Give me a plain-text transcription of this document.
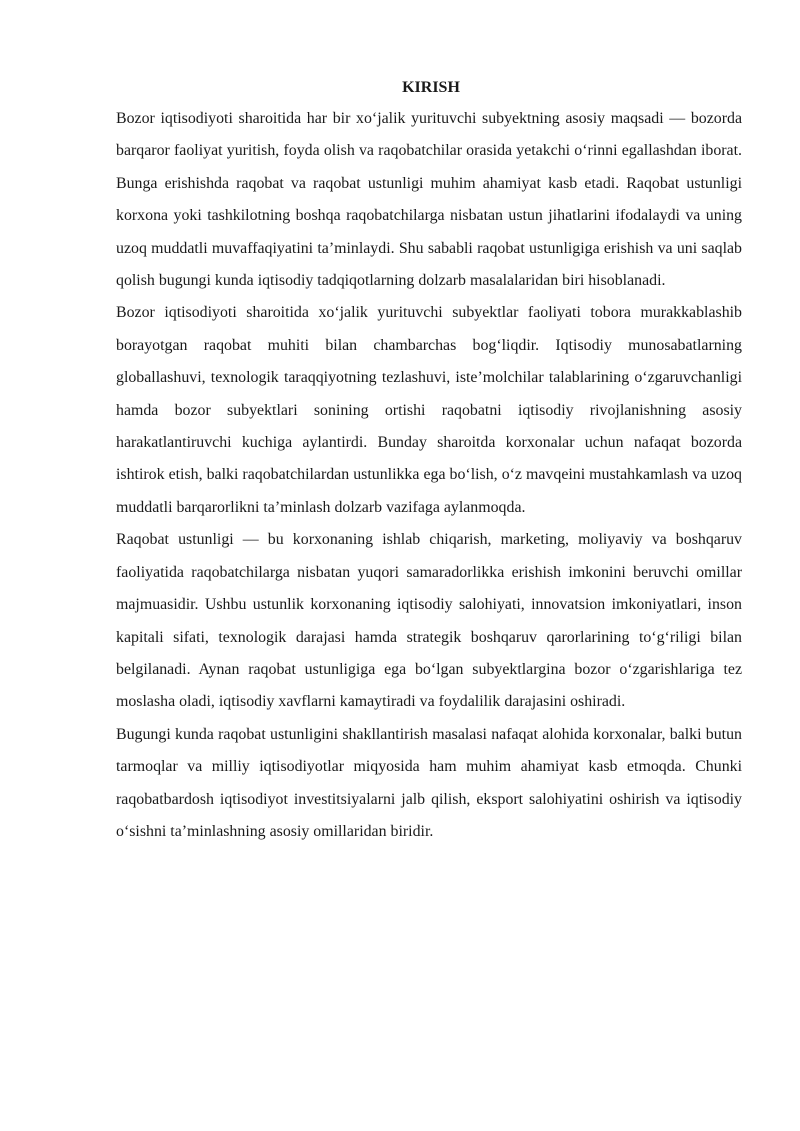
KIRISH

Bozor iqtisodiyoti sharoitida har bir xo‘jalik yurituvchi subyektning asosiy maqsadi — bozorda barqaror faoliyat yuritish, foyda olish va raqobatchilar orasida yetakchi o‘rinni egallashdan iborat. Bunga erishishda raqobat va raqobat ustunligi muhim ahamiyat kasb etadi. Raqobat ustunligi korxona yoki tashkilotning boshqa raqobatchilarga nisbatan ustun jihatlarini ifodalaydi va uning uzoq muddatli muvaffaqiyatini ta’minlaydi. Shu sababli raqobat ustunligiga erishish va uni saqlab qolish bugungi kunda iqtisodiy tadqiqotlarning dolzarb masalalaridan biri hisoblanadi.

Bozor iqtisodiyoti sharoitida xo‘jalik yurituvchi subyektlar faoliyati tobora murakkablashib borayotgan raqobat muhiti bilan chambarchas bog‘liqdir. Iqtisodiy munosabatlarning globallashuvi, texnologik taraqqiyotning tezlashuvi, iste’molchilar talablarining o‘zgaruvchanligi hamda bozor subyektlari sonining ortishi raqobatni iqtisodiy rivojlanishning asosiy harakatlantiruvchi kuchiga aylantirdi. Bunday sharoitda korxonalar uchun nafaqat bozorda ishtirok etish, balki raqobatchilardan ustunlikka ega bo‘lish, o‘z mavqeini mustahkamlash va uzoq muddatli barqarorlikni ta’minlash dolzarb vazifaga aylanmoqda.

Raqobat ustunligi — bu korxonaning ishlab chiqarish, marketing, moliyaviy va boshqaruv faoliyatida raqobatchilarga nisbatan yuqori samaradorlikka erishish imkonini beruvchi omillar majmuasidir. Ushbu ustunlik korxonaning iqtisodiy salohiyati, innovatsion imkoniyatlari, inson kapitali sifati, texnologik darajasi hamda strategik boshqaruv qarorlarining to‘g‘riligi bilan belgilanadi. Aynan raqobat ustunligiga ega bo‘lgan subyektlargina bozor o‘zgarishlariga tez moslasha oladi, iqtisodiy xavflarni kamaytiradi va foydalilik darajasini oshiradi.

Bugungi kunda raqobat ustunligini shakllantirish masalasi nafaqat alohida korxonalar, balki butun tarmoqlar va milliy iqtisodiyotlar miqyosida ham muhim ahamiyat kasb etmoqda. Chunki raqobatbardosh iqtisodiyot investitsiyalarni jalb qilish, eksport salohiyatini oshirish va iqtisodiy o‘sishni ta’minlashning asosiy omillaridan biridir.
